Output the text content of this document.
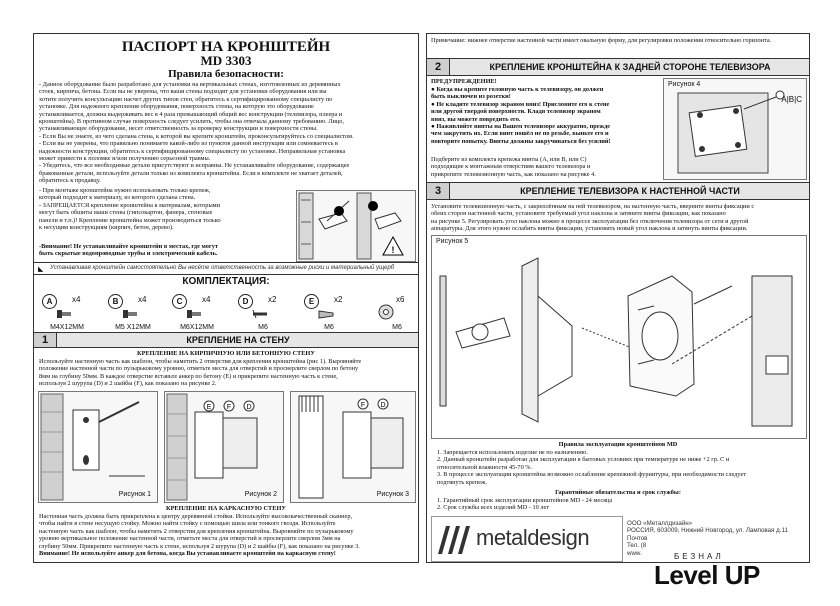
ПАСПОРТ НА КРОНШТЕЙН
MD 3303
Правила безопасности:
- Данное оборудование было разработано для установки на вертикальных стенах, изготовленных из деревянных
стоек, кирпича, бетона. Если вы не уверены, что ваши стены подходят для установки оборудования или вы
хотите получить консультацию насчет других типов стен, обратитесь к сертифицированному специалисту по
установке. Для надежного крепления оборудования, поверхность стены, на которую это оборудование
устанавливается, должна выдерживать вес в 4 раза превышающий общий вес конструкции (телевизора, плеера и
кронштейна). В противном случае поверхность следует усилить, чтобы она отвечала данному требованию. Лицо,
устанавливающее оборудование, несет ответственность за проверку конструкции и поверхности стены.
- Если Вы не знаете, из чего сделана стена, к которой вы крепите кронштейн, проконсультируйтесь со специалистом.
- Если вы не уверены, что правильно понимаете какой-либо из пунктов данной инструкции или сомневаетесь в
надежности конструкции, обратитесь к сертифицированному специалисту по установке. Неправильная установка
может привести к поломке и/или получению серьезной травмы.
- Убедитесь, что все необходимые детали присутствуют и исправны. Не устанавливайте оборудование, содержащее
бракованные детали, используйте детали только из комплекта кронштейна. Если в комплекте не хватает деталей,
обратитесь к продавцу.
- При монтаже кронштейна нужно использовать только крепеж,
который подходит к материалу, из которого сделана стена.
- ЗАПРЕЩАЕТСЯ крепление кронштейна к материалам, которыми
могут быть обшиты ваши стены (гипсокартон, фанера, стеновые
панели и т.п.)! Крепление кронштейна может производиться только
к несущим конструкциям (кирпич, бетон, дерево).
-Внимание! Не устанавливайте кронштейн в местах, где могут
быть скрытые водопроводные трубы и электрический кабель.	!
◣ Устанавливая кронштейн самостоятельно Вы несёте ответственность за возможные риски и материальный ущерб
КОМПЛЕКТАЦИЯ:
A	x4
M4X12MM
B	x4
M5 X12MM
C	x4
M6X12MM
D	x2
M6
E	x2
M6
x6
M6
1	КРЕПЛЕНИЕ НА СТЕНУ
КРЕПЛЕНИЕ НА КИРПИЧНУЮ ИЛИ БЕТОННУЮ СТЕНУ
Используйте настенную часть как шаблон, чтобы наметить 2 отверстия для крепления кронштейна (рис 1). Выровняйте
положение настенной части по пузырьковому уровню, отметьте места для отверстий и просверлите сверлом по бетону
8мм на глубину 50мм. В каждое отверстие вставьте анкер по бетону (E) и прикрепите настенную часть к стене,
используя 2 шурупа (D) и 2 шайбы (F), как показано на рисунке 2.
Рисунок 1
E F D
Рисунок 2
F D
Рисунок 3
КРЕПЛЕНИЕ НА КАРКАСНУЮ СТЕНУ
Настенная часть должна быть прикреплена к центру деревянной стойки. Используйте высококачественный сканнер,
чтобы найти в стене несущую стойку. Можно найти стойку с помощью шила или тонкого гвоздя. Используйте
настенную часть как шаблон, чтобы наметить 2 отверстия для крепления кронштейна. Выровняйте по пузырьковому
уровню вертикальное положение настенной части, отметьте места для отверстий и просверлите сверлом 3мм на
глубину 50мм. Прикрепите настенную часть к стене, используя 2 шурупа (D) и 2 шайбы (F), как показано на рисунке 3.
Внимание! Не используйте анкер для бетона, когда Вы устанавливаете кронштейн на каркасную стену!
Примечание: нижнее отверстие настенной части имеет овальную форму, для регулировки положения относительно горизонта.
2	КРЕПЛЕНИЕ КРОНШТЕЙНА К ЗАДНЕЙ СТОРОНЕ ТЕЛЕВИЗОРА
ПРЕДУПРЕЖДЕНИЕ!
● Когда вы крепите головную часть к телевизору, он должен
быть выключен из розетки!
● Не кладите телевизор экраном вниз! Прислоните его к стене
или другой твердой поверхности. Кладя телевизор экраном
вниз, вы можете повредить его.
● Наживляйте винты на Вашем телевизоре аккуратно, прежде
чем закрутить их. Если винт пошёл не по резьбе, выньте его и
повторите попытку. Винты должны закручиваться без усилий!
Подберите из комплекта крепежа винты (A, или B, или C)
подходящие к монтажным отверстиям вашего телевизора и
прикрепите телевизионную часть, как показано на рисунке 4.
Рисунок 4
A|B|C
3	КРЕПЛЕНИЕ ТЕЛЕВИЗОРА К НАСТЕННОЙ ЧАСТИ
Установите телевизионную часть, с закреплённым на ней телевизором, на настенную часть, вверните винты фиксации с
обеих сторон настенной части, установите требуемый угол наклона и затяните винты фиксации, как показано
на рисунке 5. Регулировать угол наклона можно в процессе эксплуатации без отключения телевизора от сети и другой
аппаратуры. Для этого нужно ослабить винты фиксации, установить новый угол наклона и затянуть винты фиксации.
Рисунок 5
Правила эксплуатации кронштейнов MD
1. Запрещается использовать изделие не по назначению.
2. Данный кронштейн разработан для эксплуатации в бытовых условиях при температуре не ниже +2 гр. С и
относительной влажности 45-70 %.
3. В процессе эксплуатации кронштейна возможно ослабление крепежной фурнитуры, при необходимости следует
подтянуть крепеж.
Гарантийные обязательства и срок службы:
1. Гарантийный срок эксплуатации кронштейнов MD - 24 месяца
2. Срок службы всех изделий MD - 10 лет
metaldesign
ООО «Металлдизайн»
РОССИЯ, 603009, Нижний Новгород, ул. Ламповая д.11
Почтов
Тел. (8
www.	БЕЗНАЛ
Level UP
